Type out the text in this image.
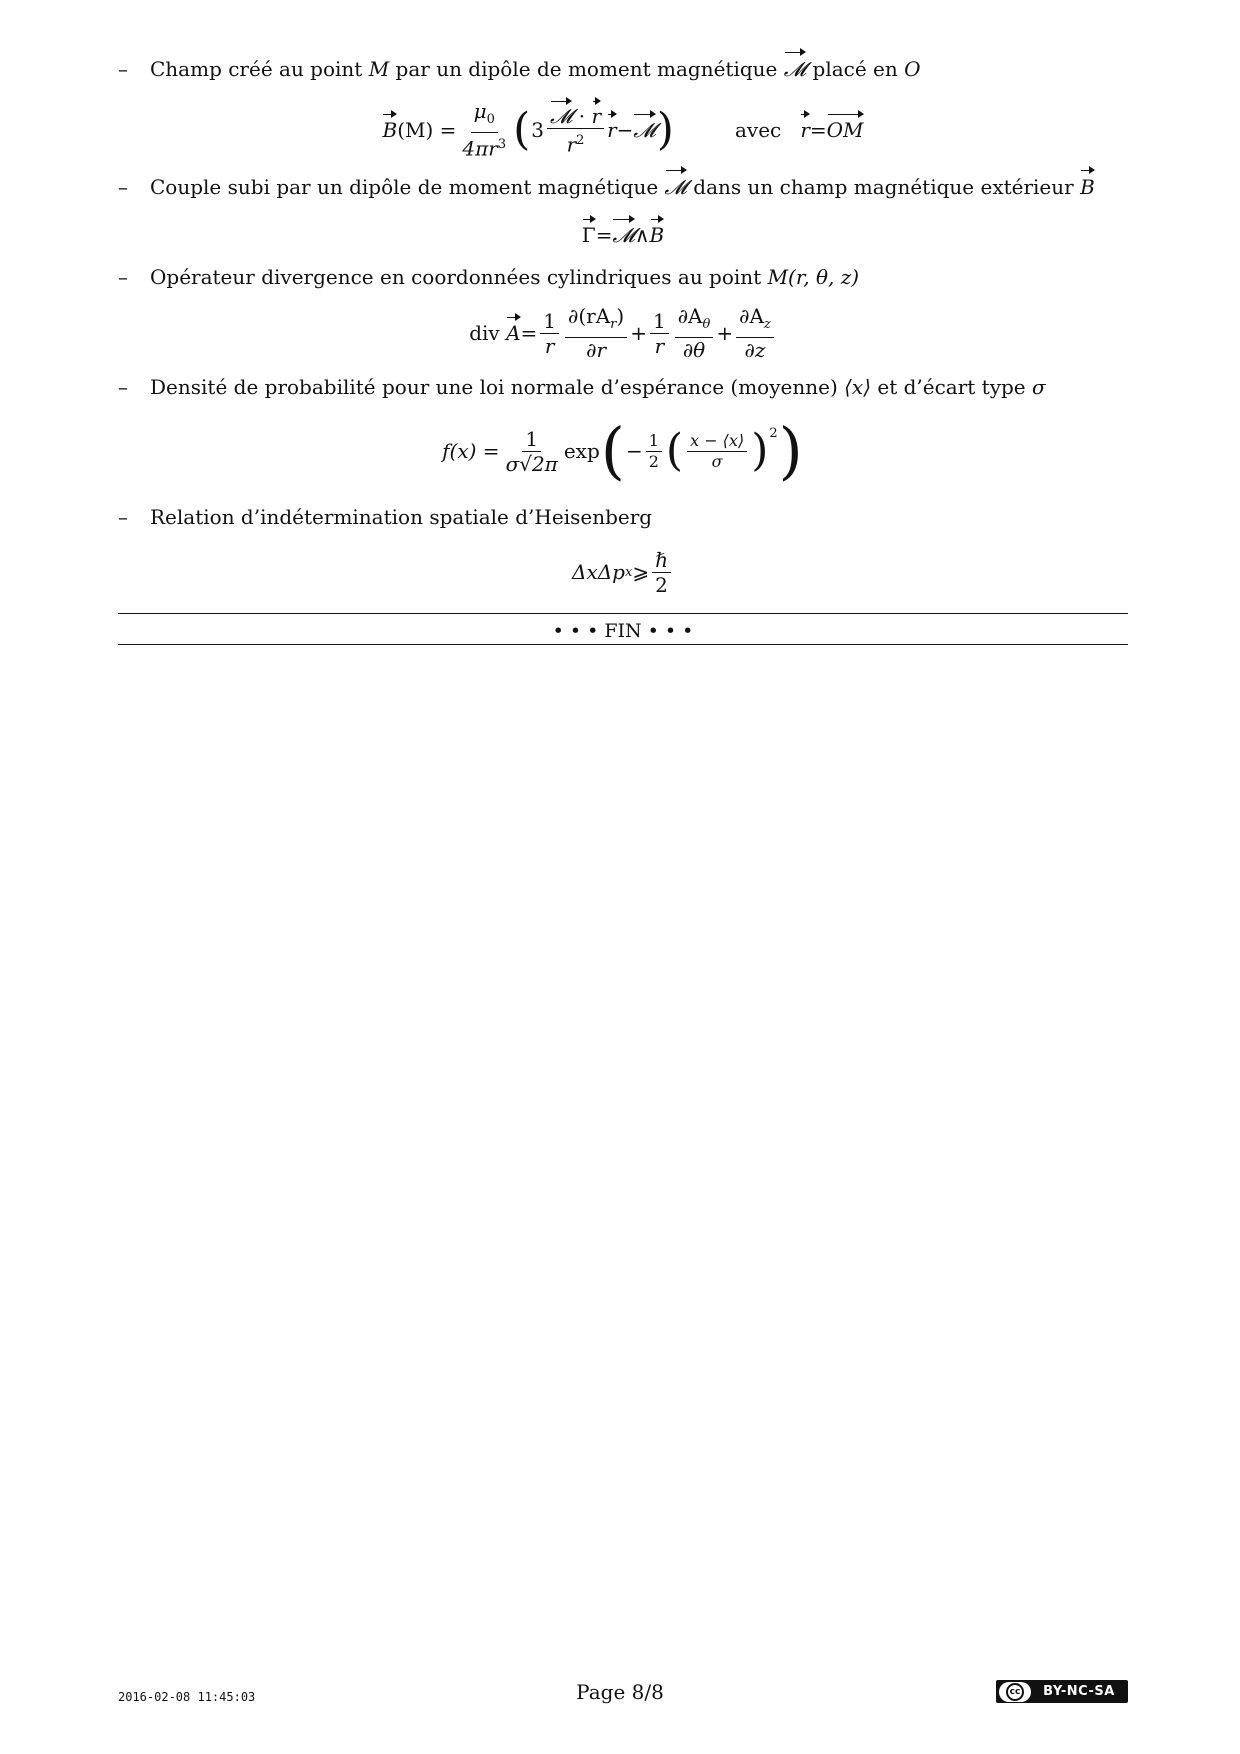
– Champ créé au point M par un dipôle de moment magnétique 𝓜 placé en O
B $(M) = \frac{\mu_0}{4\pi r^3}$ ( $3 \frac{\text{𝓜 · r}}{r^2}$ r − 𝓜 )	avec
r = OM
– Couple subi par un dipôle de moment magnétique 𝓜 dans un champ magnétique extérieur B
Γ = 𝓜 ∧ B
– Opérateur divergence en coordonnées cylindriques au point M(r, θ, z)
div
$A = \frac{1}{r} \frac{\partial(rA_r)}{\partial r} + \frac{1}{r} \frac{\partial A_\theta}{\partial\theta} + \frac{\partial A_z}{\partial z}$
– Densité de probabilité pour une loi normale d’espérance (moyenne) ⟨x⟩ et d’écart type σ
$f(x) = \frac{1}{\sigma√2\pi}$ exp ( − $\frac{1}{2}$ ( $\frac{x - ⟨x⟩}{\sigma} )^2$ )
– Relation d’indétermination spatiale d’Heisenberg
ΔxΔp x ⩾ $\frac{\text{ℏ}}{2}$
• • • FIN • • •
2016-02-08 11:45:03	Page 8/8	cc	BY-NC-SA
